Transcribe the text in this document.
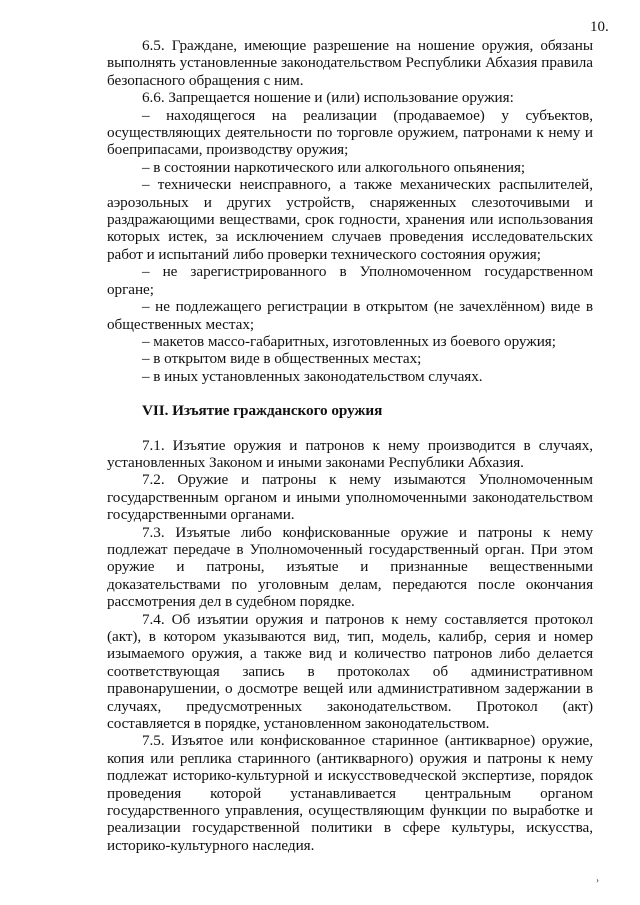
10.

6.5. Граждане, имеющие разрешение на ношение оружия, обязаны выполнять установленные законодательством Республики Абхазия правила безопасного обращения с ним.

6.6. Запрещается ношение и (или) использование оружия:

– находящегося на реализации (продаваемое) у субъектов, осуществляющих деятельности по торговле оружием, патронами к нему и боеприпасами, производству оружия;

– в состоянии наркотического или алкогольного опьянения;

– технически неисправного, а также механических распылителей, аэрозольных и других устройств, снаряженных слезоточивыми и раздражающими веществами, срок годности, хранения или использования которых истек, за исключением случаев проведения исследовательских работ и испытаний либо проверки технического состояния оружия;

– не зарегистрированного в Уполномоченном государственном органе;

– не подлежащего регистрации в открытом (не зачехлённом) виде в общественных местах;

– макетов массо-габаритных, изготовленных из боевого оружия;

– в открытом виде в общественных местах;

– в иных установленных законодательством случаях.

VII. Изъятие гражданского оружия

7.1. Изъятие оружия и патронов к нему производится в случаях, установленных Законом и иными законами Республики Абхазия.

7.2. Оружие и патроны к нему изымаются Уполномоченным государственным органом и иными уполномоченными законодательством государственными органами.

7.3. Изъятые либо конфискованные оружие и патроны к нему подлежат передаче в Уполномоченный государственный орган. При этом оружие и патроны, изъятые и признанные вещественными доказательствами по уголовным делам, передаются после окончания рассмотрения дел в судебном порядке.

7.4. Об изъятии оружия и патронов к нему составляется протокол (акт), в котором указываются вид, тип, модель, калибр, серия и номер изымаемого оружия, а также вид и количество патронов либо делается соответствующая запись в протоколах об административном правонарушении, о досмотре вещей или административном задержании в случаях, предусмотренных законодательством. Протокол (акт) составляется в порядке, установленном законодательством.

7.5. Изъятое или конфискованное старинное (антикварное) оружие, копия или реплика старинного (антикварного) оружия и патроны к нему подлежат историко-культурной и искусствоведческой экспертизе, порядок проведения которой устанавливается центральным органом государственного управления, осуществляющим функции по выработке и реализации государственной политики в сфере культуры, искусства, историко-культурного наследия.

›
